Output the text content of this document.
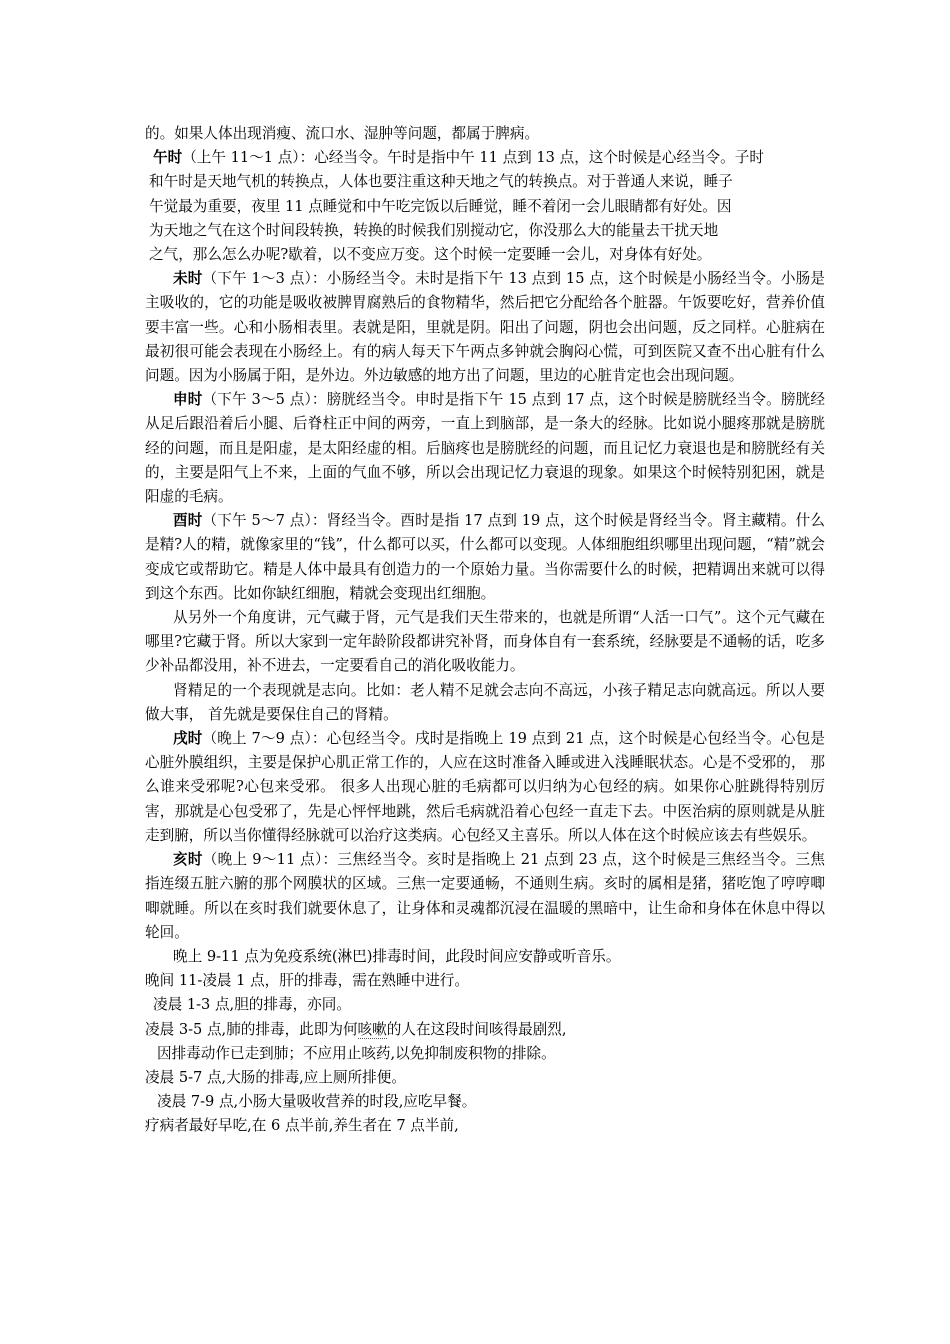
的。如果人体出现消瘦、流口水、湿肿等问题，都属于脾病。

午时（上午 11～1 点）：心经当令。午时是指中午 11 点到 13 点，这个时候是心经当令。子时
和午时是天地气机的转换点，人体也要注重这种天地之气的转换点。对于普通人来说，睡子
午觉最为重要，夜里 11 点睡觉和中午吃完饭以后睡觉，睡不着闭一会儿眼睛都有好处。因
为天地之气在这个时间段转换，转换的时候我们别搅动它，你没那么大的能量去干扰天地
之气，那么怎么办呢?歇着，以不变应万变。这个时候一定要睡一会儿，对身体有好处。

未时（下午 1～3 点）：小肠经当令。未时是指下午 13 点到 15 点，这个时候是小肠经当令。小肠是主吸收的，它的功能是吸收被脾胃腐熟后的食物精华，然后把它分配给各个脏器。午饭要吃好，营养价值要丰富一些。心和小肠相表里。表就是阳，里就是阴。阳出了问题，阴也会出问题，反之同样。心脏病在最初很可能会表现在小肠经上。有的病人每天下午两点多钟就会胸闷心慌，可到医院又查不出心脏有什么问题。因为小肠属于阳，是外边。外边敏感的地方出了问题，里边的心脏肯定也会出现问题。

申时（下午 3～5 点）：膀胱经当令。申时是指下午 15 点到 17 点，这个时候是膀胱经当令。膀胱经从足后跟沿着后小腿、后脊柱正中间的两旁，一直上到脑部，是一条大的经脉。比如说小腿疼那就是膀胱经的问题，而且是阳虚，是太阳经虚的相。后脑疼也是膀胱经的问题，而且记忆力衰退也是和膀胱经有关的，主要是阳气上不来，上面的气血不够，所以会出现记忆力衰退的现象。如果这个时候特别犯困，就是阳虚的毛病。

酉时（下午 5～7 点）：肾经当令。酉时是指 17 点到 19 点，这个时候是肾经当令。肾主藏精。什么是精?人的精，就像家里的“钱”，什么都可以买，什么都可以变现。人体细胞组织哪里出现问题，“精”就会变成它或帮助它。精是人体中最具有创造力的一个原始力量。当你需要什么的时候，把精调出来就可以得到这个东西。比如你缺红细胞，精就会变现出红细胞。

从另外一个角度讲，元气藏于肾，元气是我们天生带来的，也就是所谓“人活一口气”。这个元气藏在哪里?它藏于肾。所以大家到一定年龄阶段都讲究补肾，而身体自有一套系统，经脉要是不通畅的话，吃多少补品都没用，补不进去，一定要看自己的消化吸收能力。

肾精足的一个表现就是志向。比如：老人精不足就会志向不高远，小孩子精足志向就高远。所以人要做大事， 首先就是要保住自己的肾精。

戌时（晚上 7～9 点）：心包经当令。戌时是指晚上 19 点到 21 点，这个时候是心包经当令。心包是心脏外膜组织，主要是保护心肌正常工作的，人应在这时准备入睡或进入浅睡眠状态。心是不受邪的， 那么谁来受邪呢?心包来受邪。 很多人出现心脏的毛病都可以归纳为心包经的病。如果你心脏跳得特别厉害，那就是心包受邪了，先是心怦怦地跳，然后毛病就沿着心包经一直走下去。中医治病的原则就是从脏走到腑，所以当你懂得经脉就可以治疗这类病。心包经又主喜乐。所以人体在这个时候应该去有些娱乐。

亥时（晚上 9～11 点）：三焦经当令。亥时是指晚上 21 点到 23 点，这个时候是三焦经当令。三焦指连缀五脏六腑的那个网膜状的区域。三焦一定要通畅，不通则生病。亥时的属相是猪，猪吃饱了哼哼唧唧就睡。所以在亥时我们就要休息了，让身体和灵魂都沉浸在温暖的黑暗中，让生命和身体在休息中得以轮回。

晚上 9-11 点为免疫系统(淋巴)排毒时间，此段时间应安静或听音乐。

晚间 11-凌晨 1 点，肝的排毒，需在熟睡中进行。

凌晨 1-3 点,胆的排毒，亦同。

凌晨 3-5 点,肺的排毒，此即为何咳嗽的人在这段时间咳得最剧烈,

因排毒动作已走到肺；不应用止咳药,以免抑制废积物的排除。

凌晨 5-7 点,大肠的排毒,应上厕所排便。

凌晨 7-9 点,小肠大量吸收营养的时段,应吃早餐。

疗病者最好早吃,在 6 点半前,养生者在 7 点半前,
